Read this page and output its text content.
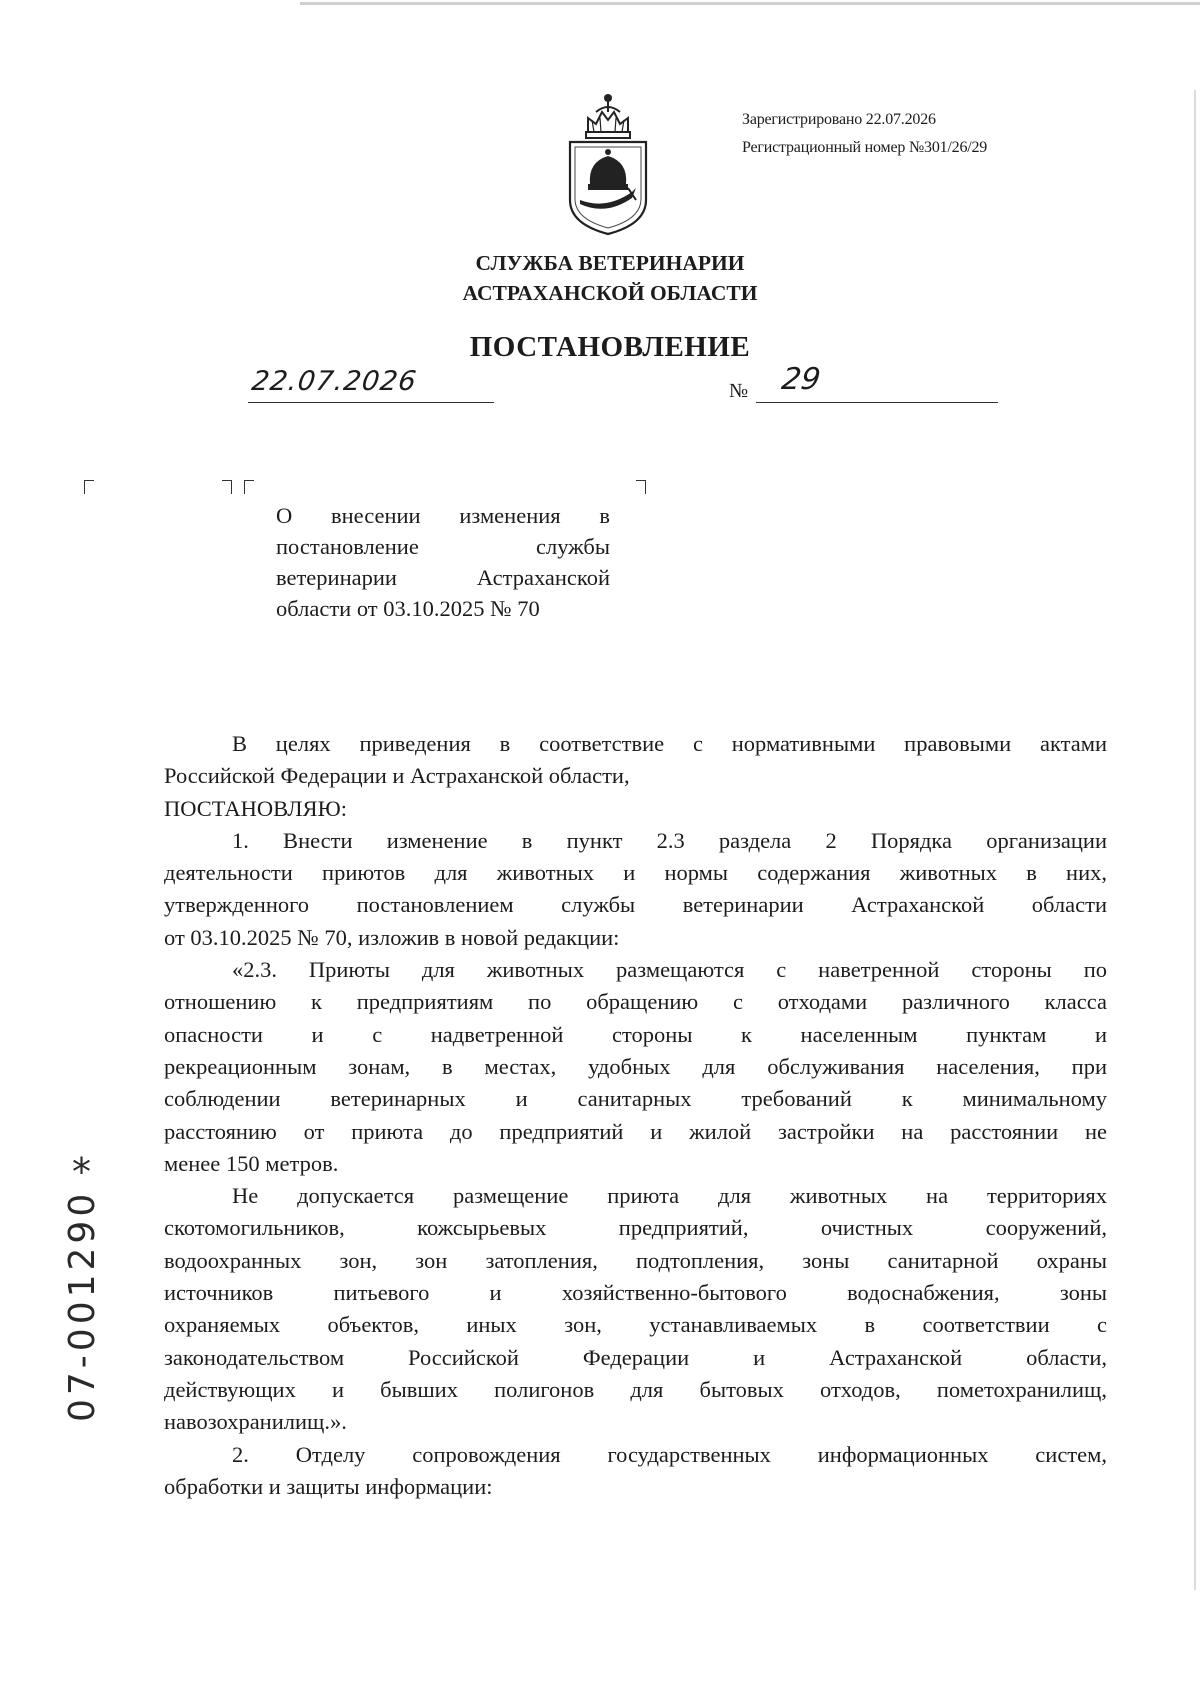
Зарегистрировано 22.07.2026
Регистрационный номер №301/26/29
СЛУЖБА ВЕТЕРИНАРИИ
АСТРАХАНСКОЙ ОБЛАСТИ
ПОСТАНОВЛЕНИЕ
22.07.2026	№ 29
О внесении изменения в
постановление службы
ветеринарии Астраханской
области от 03.10.2025 № 70
В целях приведения в соответствие с нормативными правовыми актами
Российской Федерации и Астраханской области,
ПОСТАНОВЛЯЮ:
1. Внести изменение в пункт 2.3 раздела 2 Порядка организации
деятельности приютов для животных и нормы содержания животных в них,
утвержденного постановлением службы ветеринарии Астраханской области
от 03.10.2025 № 70, изложив в новой редакции:
«2.3. Приюты для животных размещаются с наветренной стороны по
отношению к предприятиям по обращению с отходами различного класса
опасности и с надветренной стороны к населенным пунктам и
рекреационным зонам, в местах, удобных для обслуживания населения, при
соблюдении ветеринарных и санитарных требований к минимальному
расстоянию от приюта до предприятий и жилой застройки на расстоянии не
менее 150 метров.
Не допускается размещение приюта для животных на территориях
скотомогильников, кожсырьевых предприятий, очистных сооружений,
водоохранных зон, зон затопления, подтопления, зоны санитарной охраны
источников питьевого и хозяйственно-бытового водоснабжения, зоны
охраняемых объектов, иных зон, устанавливаемых в соответствии с
законодательством Российской Федерации и Астраханской области,
действующих и бывших полигонов для бытовых отходов, пометохранилищ,
навозохранилищ.».
2. Отделу сопровождения государственных информационных систем,
обработки и защиты информации:
*
07-001290
